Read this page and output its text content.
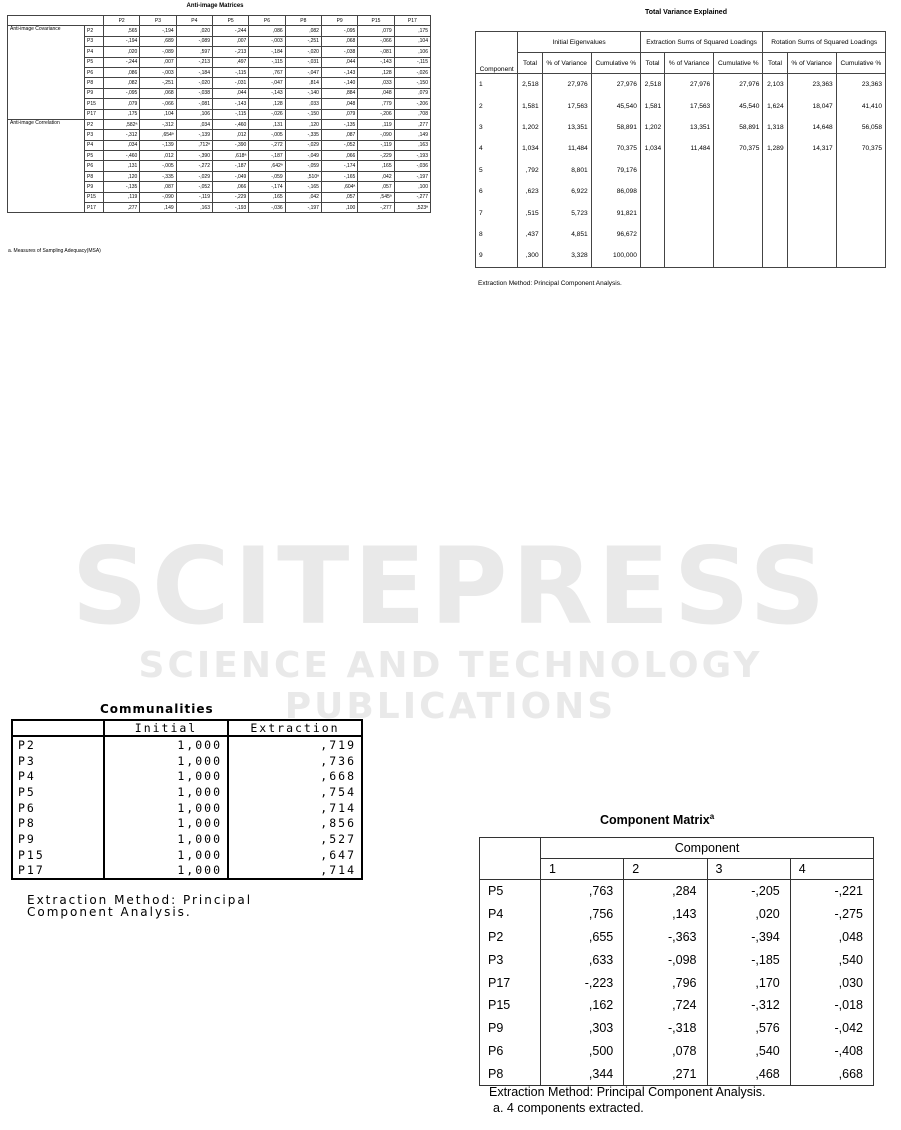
SCITEPRESS
SCIENCE AND TECHNOLOGY PUBLICATIONS
Anti-image Matrices
		P2	P3	P4	P5	P6	P8	P9	P15	P17
Anti-image Covariance	P2	,565	-,194	,020	-,244	,086	,082	-,095	,079	,175
	P3	-,194	,689	-,089	,007	-,003	-,251	,068	-,066	,104
	P4	,020	-,089	,597	-,213	-,184	-,020	-,038	-,081	,106
	P5	-,244	,007	-,213	,497	-,115	-,031	,044	-,143	-,115
	P6	,086	-,003	-,184	-,115	,767	-,047	-,143	,128	-,026
	P8	,082	-,251	-,020	-,031	-,047	,814	-,140	,033	-,150
	P9	-,095	,068	-,038	,044	-,143	-,140	,884	,048	,079
	P15	,079	-,066	-,081	-,143	,128	,033	,048	,779	-,206
	P17	,175	,104	,106	-,115	-,026	-,150	,079	-,206	,708
Anti-image Correlation	P2	,582ª	-,312	,034	-,460	,131	,120	-,135	,119	,277
	P3	-,312	,654ª	-,139	,012	-,005	-,335	,087	-,090	,149
	P4	,034	-,139	,712ª	-,390	-,272	-,029	-,052	-,119	,163
	P5	-,460	,012	-,390	,618ª	-,187	-,049	,066	-,229	-,193
	P6	,131	-,005	-,272	-,187	,642ª	-,059	-,174	,165	-,036
	P8	,120	-,335	-,029	-,049	-,059	,510ª	-,165	,042	-,197
	P9	-,135	,087	-,052	,066	-,174	-,165	,604ª	,057	,100
	P15	,119	-,090	-,119	-,229	,165	,042	,057	,545ª	-,277
	P17	,277	,149	,163	-,193	-,036	-,197	,100	-,277	,523ª
a. Measures of Sampling Adequacy(MSA)
Total Variance Explained
Component	Initial Eigenvalues			Extraction Sums of Squared Loadings			Rotation Sums of Squared Loadings		
	Total	% of Variance	Cumulative %	Total	% of Variance	Cumulative %	Total	% of Variance	Cumulative %
1	2,518	27,976	27,976	2,518	27,976	27,976	2,103	23,363	23,363
2	1,581	17,563	45,540	1,581	17,563	45,540	1,624	18,047	41,410
3	1,202	13,351	58,891	1,202	13,351	58,891	1,318	14,648	56,058
4	1,034	11,484	70,375	1,034	11,484	70,375	1,289	14,317	70,375
5	,792	8,801	79,176						
6	,623	6,922	86,098						
7	,515	5,723	91,821						
8	,437	4,851	96,672						
9	,300	3,328	100,000						
Extraction Method: Principal Component Analysis.
Communalities
	Initial	Extraction
P2	1,000	,719
P3	1,000	,736
P4	1,000	,668
P5	1,000	,754
P6	1,000	,714
P8	1,000	,856
P9	1,000	,527
P15	1,000	,647
P17	1,000	,714
Extraction Method: Principal
Component Analysis.
Component Matrix$^a$
	Component			
	1	2	3	4
P5	,763	,284	-,205	-,221
P4	,756	,143	,020	-,275
P2	,655	-,363	-,394	,048
P3	,633	-,098	-,185	,540
P17	-,223	,796	,170	,030
P15	,162	,724	-,312	-,018
P9	,303	-,318	,576	-,042
P6	,500	,078	,540	-,408
P8	,344	,271	,468	,668
Extraction Method: Principal Component Analysis.
a. 4 components extracted.
